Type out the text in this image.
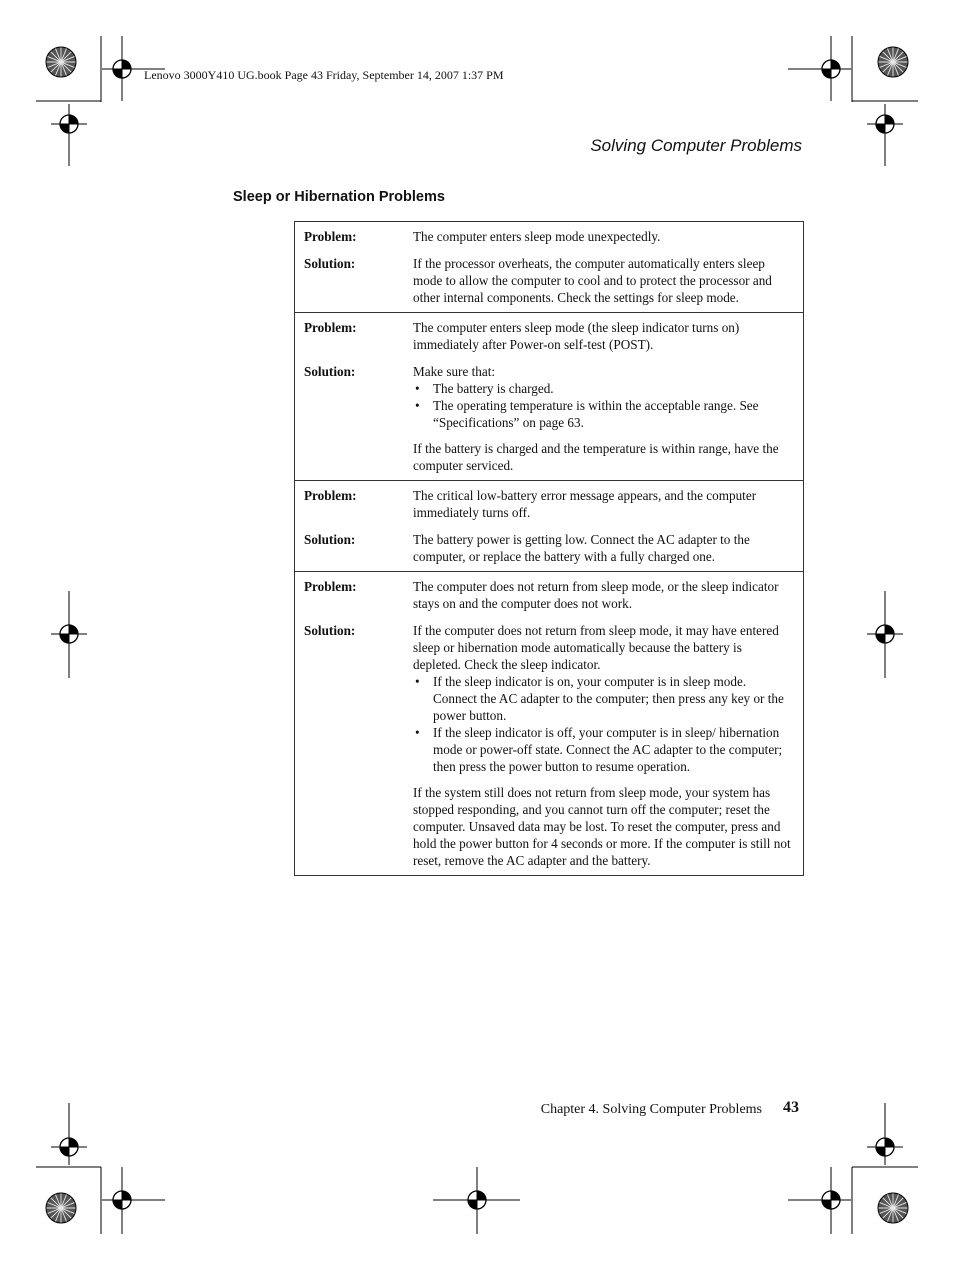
Lenovo 3000Y410 UG.book Page 43 Friday, September 14, 2007 1:37 PM
Solving Computer Problems
Sleep or Hibernation Problems
Problem:	The computer enters sleep mode unexpectedly.
Solution:	If the processor overheats, the computer automatically enters sleep mode to allow the computer to cool and to protect the processor and other internal components. Check the settings for sleep mode.

Problem:	The computer enters sleep mode (the sleep indicator turns on) immediately after Power-on self-test (POST).
Solution:	Make sure that:
• The battery is charged.
• The operating temperature is within the acceptable range. See “Specifications” on page 63.

If the battery is charged and the temperature is within range, have the computer serviced.

Problem:	The critical low-battery error message appears, and the computer immediately turns off.
Solution:	The battery power is getting low. Connect the AC adapter to the computer, or replace the battery with a fully charged one.

Problem:	The computer does not return from sleep mode, or the sleep indicator stays on and the computer does not work.
Solution:	If the computer does not return from sleep mode, it may have entered sleep or hibernation mode automatically because the battery is depleted. Check the sleep indicator.
• If the sleep indicator is on, your computer is in sleep mode. Connect the AC adapter to the computer; then press any key or the power button.
• If the sleep indicator is off, your computer is in sleep/ hibernation mode or power-off state. Connect the AC adapter to the computer; then press the power button to resume operation.

If the system still does not return from sleep mode, your system has stopped responding, and you cannot turn off the computer; reset the computer. Unsaved data may be lost. To reset the computer, press and hold the power button for 4 seconds or more. If the computer is still not reset, remove the AC adapter and the battery.

Chapter 4. Solving Computer Problems 43
